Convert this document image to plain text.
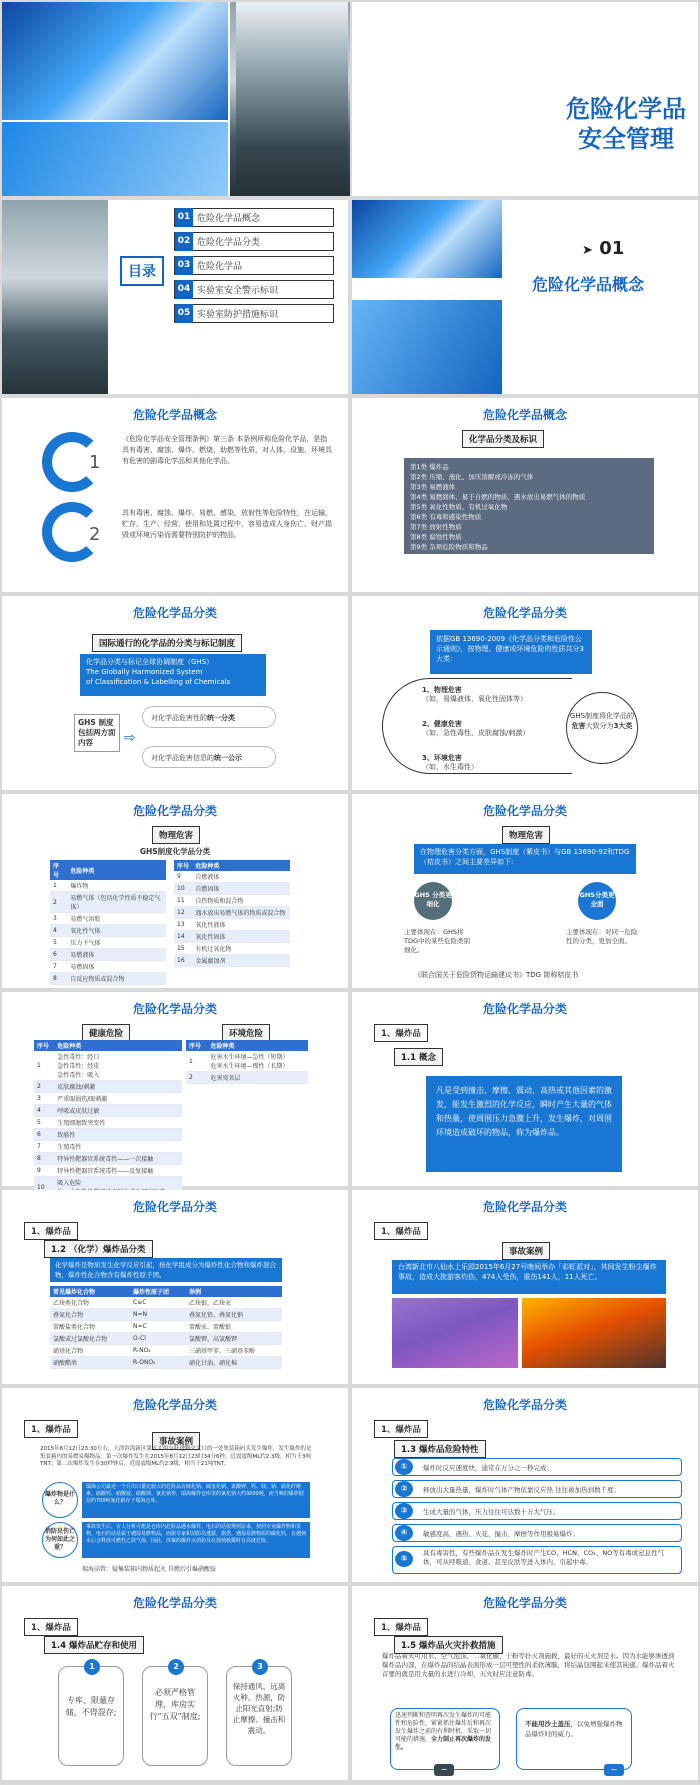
危险化学品
安全管理
目录
01 危险化学品概念
02 危险化学品分类
03 危险化学品
04 实验室安全警示标识
05 实验室防护措施标识
➤ 01
危险化学品概念
危险化学品概念
1
2
《危险化学品安全管理条例》第三条 本条例所称危险化学品，是指具有毒害、腐蚀、爆炸、燃烧、助燃等性质，对人体、设施、环境具有危害的剧毒化学品和其他化学品。
具有毒害、腐蚀、爆炸、易燃、感染、放射性等危险特性，在运输、贮存、生产、经营、使用和处置过程中，容易造成人身伤亡、财产损毁或环境污染而需要特别防护的物品。
危险化学品概念
化学品分类及标识
第1类 爆炸品
第2类 压缩、液化、加压溶解或冷冻的气体
第3类 易燃液体
第4类 易燃固体、易于自燃的物质、遇水放出易燃气体的物质
第5类 氧化性物质、有机过氧化物
第6类 有毒和感染性物质
第7类 放射性物质
第8类 腐蚀性物质
第9类 杂项危险物质和物品
危险化学品分类
国际通行的化学品的分类与标记制度
化学品分类与标记全球协调制度（GHS）
The Globally Harmonized System
of Classification & Labelling of Chemicals
GHS 制度包括两方面内容	⇨
对化学品危害性的统一分类
对化学品危害信息的统一公示
危险化学品分类
依据GB 13690-2009《化学品分类和危险性公示通则》，按物理、健康或环境危险的性质共分3大类：
1、物理危害
（如，易爆液体、氧化性固体等）
2、健康危害
（如，急性毒性、皮肤腐蚀/刺激）
3、环境危害
（如，水生毒性）
GHS制度将化学品的危害大致分为3大类
危险化学品分类
物理危害
GHS制度化学品分类
序号	危险种类
1	爆炸物
2	易燃气体（包括化学性质不稳定气体）
3	易燃气溶胶
4	氧化性气体
5	压力下气体
6	易燃液体
7	易燃固体
8	自反应物质或混合物
序号	危险种类
9	自燃液体
10	自燃固体
11	自热物质和混合物
12	遇水放出易燃气体的物质或混合物
13	氧化性液体
14	氧化性固体
15	有机过氧化物
16	金属腐蚀剂
危险化学品分类
物理危害
在物理危害分类方面，GHS制度（紫皮书）与GB 13690-92和TDG（桔皮书）之间主要差异如下:
GHS 分类更细化
GHS分类更全面
主要体现在：GHS将TDG中的某些危险类别细化。
主要体现在：对同一危险性的分类，更加全面。
《联合国关于危险货物运输建议书》TDG 简称桔皮书
危险化学品分类
健康危险	环境危险
序号	危险种类
1	急性毒性：经口
急性毒性：经皮
急性毒性：吸入
2	皮肤腐蚀/刺激
3	严重眼损伤/眼刺激
4	呼吸或皮肤过敏
5	生殖细胞致突变性
6	致癌性
7	生殖毒性
8	特异性靶器官系统毒性——一次接触
9	特异性靶器官系统毒性——反复接触
10	吸入危险

序号	危险种类
1	危害水生环境—急性（短期）
危害水生环境—慢性（长期）
2	危害臭氧层
危险化学品分类
1、爆炸品
1.1 概念
凡是受到撞击、摩擦、震动、高热或其他因素的激发，能发生激烈的化学反应，瞬时产生大量的气体和热量，使周围压力急骤上升，发生爆炸，对周围环境造成破坏的物品，称为爆炸品。
危险化学品分类
1、爆炸品
1.2 （化学）爆炸品分类
化学爆炸是物质发生化学反应引起，按化学组成分为爆炸性化合物和爆炸混合物，爆炸性化合物含有爆炸性原子团。
常见爆炸化合物	爆炸性原子团	举例
乙炔类化合物	C≡C	乙炔银、乙炔汞
叠氮化合物	N=N	叠氮化铅、叠氮化钠
雷酸盐类化合物	N=C	雷酸汞、雷酸银
氯酸或过氯酸化合物	O-Cl	氯酸钾、高氯酸钾
硝基化合物	R-NO₂	三硝基甲苯、三硝基苯酚
硝酸酯类	R-ONO₂	硝化甘油、硝化棉
危险化学品分类
1、爆炸品
事故案例
台湾新北市八仙水上乐园2015年6月27号晚间举办「彩虹派对」，其间发生粉尘爆炸事故，造成大批游客灼伤，474人受伤，重伤141人，11人死亡。
危险化学品分类
1、爆炸品
事故案例
2015年8月12日23:30左右，天津滨海新区第五大街与跃进路交叉口的一处集装箱码头发生爆炸，发生爆炸的是集装箱内的易燃易爆物品。第一次爆炸发生在2015年8月12日23时34分6秒，近震震级ML约2.3级，相当于3吨TNT；第二次爆炸发生在30秒钟后，近震震级ML约2.9级，相当于21吨TNT。
爆炸物是什么？
瑞海公司最近一个月出口量比较大的危险品有硫化钠、硫氢化钠、氯酸钾、钙、镁、钠、硝化纤维素、硝酸钙、硝酸铵、硝酸钡、氰化钠等，瑞海爆炸仓库里的氰化钠大约3000吨，而当晚的爆炸据信约700吨氰化钠存于瑞海仓库。
消防员伤亡为何如此之重？
事故发生后，有人分析可能是仓库内危险品遇水爆炸。电石的话按规则原来，按照专业爆炸物和货物，电石的话是属于遇湿易燃物品，而据专家和消防员透露，据悉，遇湿易燃物质的碳化钙，在遇到水后会释放可燃性乙炔气体，因此，涉案的爆炸点消防员在现场救援时有高度危险。
瑞海高管：疑集装箱内物质起火 自燃后引爆硝酸铵
危险化学品分类
1、爆炸品
1.3 爆炸品危险特性
①	爆炸时反应速度快，通常在万分之一秒完成；
②	释放出大量热量，爆炸时气体产物依靠反应热 往往被加热到数千度；
③	生成大量的气体，压力往往可达数十万大气压；
④	敏感度高，遇热、火花、撞击、摩擦等作用极易爆炸；
⑤
具有毒害性，有些爆炸品在发生爆炸时产生CO、HCN、CO₂、NO等有毒或窒息性气体，可从呼吸道、食道、甚至皮肤等进入体内，引起中毒。
危险化学品分类
1、爆炸品
1.4 爆炸品贮存和使用
1
专库、限量存储，不得混存;
2
必须严格管理，库房实行“五双”制度;
3
保持通风、远离火种、热源，防止阳光直射;防止摩擦、撞击和震动。
危险化学品分类
1、爆炸品
1.5 爆炸品火灾扑救措施
爆炸品着火可用水、空气泡沫、二氧化碳、干粉等扑灭剂施救，最好的灭火剂是水。因为水能够渗透到爆炸品内部，在爆炸品的结晶表面形成一层可塑性的柔软薄膜，将结晶包围起来使其钝感。爆炸品着火首要的就是用大量的水进行冷却，灭火时应注意防毒。
迅速判断和查明再次发生爆炸的可能性和危险性，紧紧抓住爆炸后和再次发生爆炸之前的有利时机，采取一切可能的措施，全力制止再次爆炸的发生。
不能用沙土盖压，以免增强爆炸物品爆炸时的威力。
−	−
